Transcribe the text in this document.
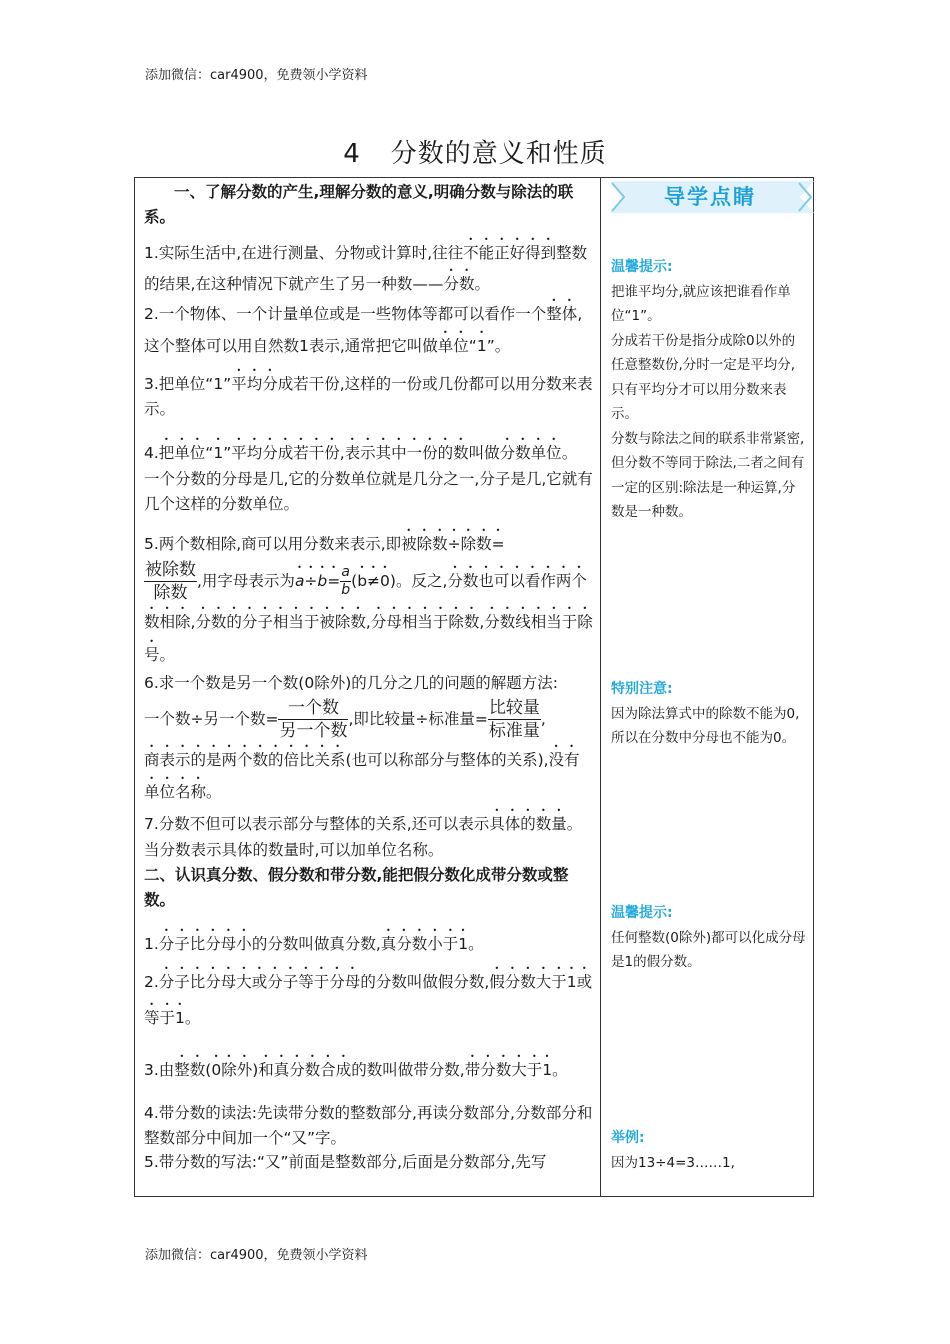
添加微信：car4900，免费领小学资料
4 分数的意义和性质

一、了解分数的产生,理解分数的意义,明确分数与除法的联系。

1.实际生活中,在进行测量、分物或计算时,往往不能正好得到整数的结果,在这种情况下就产生了另一种数——分数。

2.一个物体、一个计量单位或是一些物体等都可以看作一个整体,这个整体可以用自然数1表示,通常把它叫做单位“1”。

3.把单位“1”平均分成若干份,这样的一份或几份都可以用分数来表示。

4.把单位“1”平均分成若干份,表示其中一份的数叫做分数单位。

一个分数的分母是几,它的分数单位就是几分之一,分子是几,它就有几个这样的分数单位。

5.两个数相除,商可以用分数来表示,即被除数÷除数=

被除数
除数
,用字母表示为$a\div b= \frac{a}{b} (b\ne 0)$。反之,分数也可以看作两个数相除,分数的分子相当于被除数,分母相当于除数,分数线相当于除号。

6.求一个数是另一个数(0除外)的几分之几的问题的解题方法:
一个数÷另一个数=
一个数
另一个数
,即比较量÷标准量=
比较量
标准量
,
商表示的是两个数的倍比关系(也可以称部分与整体的关系),没有单位名称。

7.分数不但可以表示部分与整体的关系,还可以表示具体的数量。当分数表示具体的数量时,可以加单位名称。

二、认识真分数、假分数和带分数,能把假分数化成带分数或整数。

1.分子比分母小的分数叫做真分数,真分数小于1。

2.分子比分母大或分子等于分母的分数叫做假分数,假分数大于1或等于1。

3.由整数(0除外)和真分数合成的数叫做带分数,带分数大于1。

4.带分数的读法:先读带分数的整数部分,再读分数部分,分数部分和整数部分中间加一个“又”字。

5.带分数的写法:“又”前面是整数部分,后面是分数部分,先写

导学点睛

温馨提示:

把谁平均分,就应该把谁看作单位“1”。

分成若干份是指分成除0以外的任意整数份,分时一定是平均分,只有平均分才可以用分数来表示。

分数与除法之间的联系非常紧密,但分数不等同于除法,二者之间有一定的区别:除法是一种运算,分数是一种数。

特别注意:

因为除法算式中的除数不能为0,所以在分数中分母也不能为0。

温馨提示:

任何整数(0除外)都可以化成分母是1的假分数。

举例:

因为13÷4=3……1,

添加微信：car4900，免费领小学资料
